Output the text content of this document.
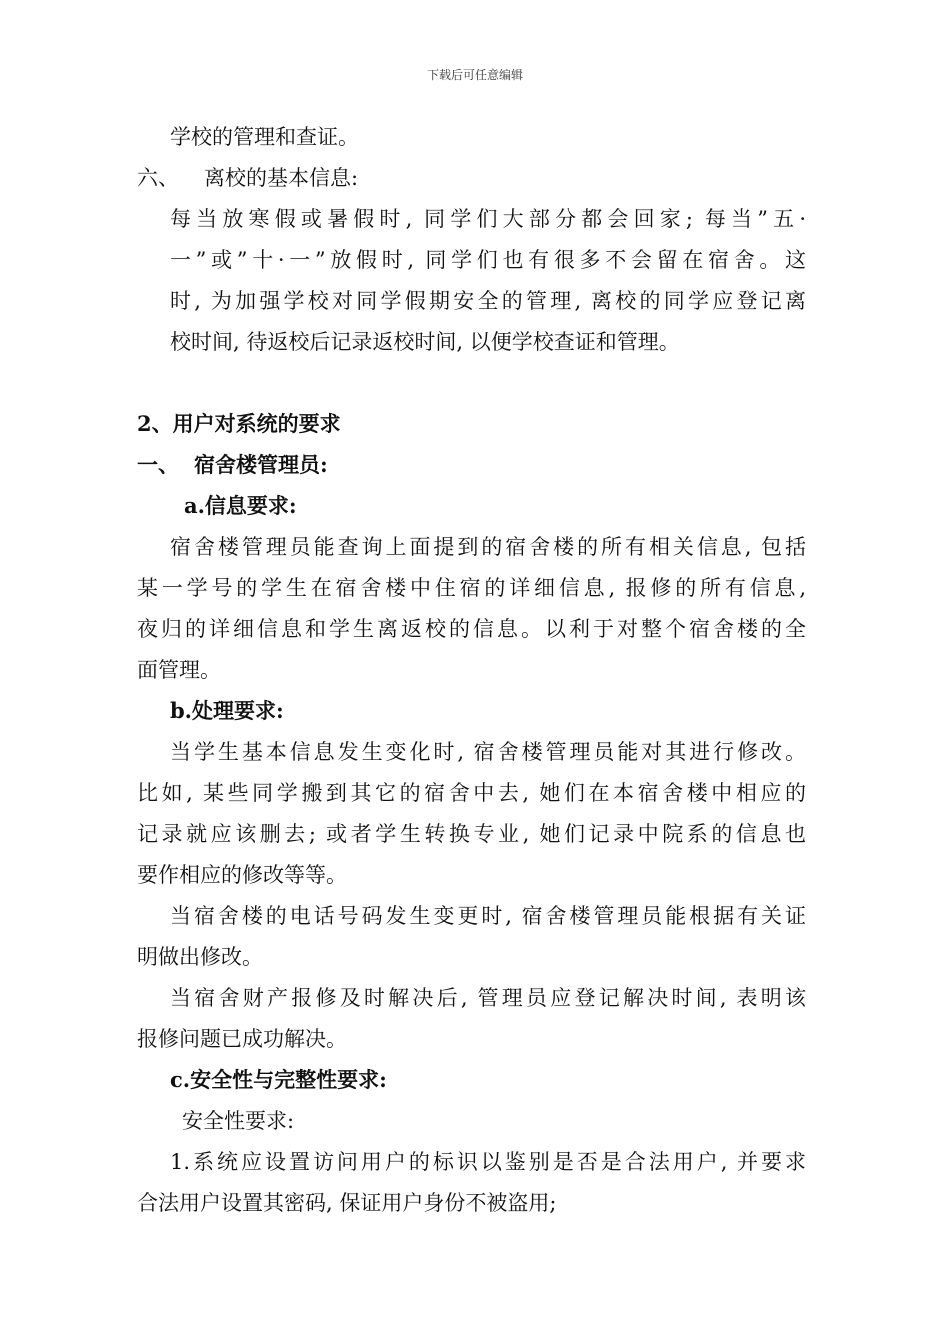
下载后可任意编辑

学校的管理和查证。

六、 离校的基本信息:

每当放寒假或暑假时, 同学们大部分都会回家; 每当”五·

一”或”十·一”放假时, 同学们也有很多不会留在宿舍。这

时, 为加强学校对同学假期安全的管理, 离校的同学应登记离

校时间, 待返校后记录返校时间, 以便学校查证和管理。

2、用户对系统的要求

一、 宿舍楼管理员:

a.信息要求:

宿舍楼管理员能查询上面提到的宿舍楼的所有相关信息, 包括

某一学号的学生在宿舍楼中住宿的详细信息, 报修的所有信息,

夜归的详细信息和学生离返校的信息。以利于对整个宿舍楼的全

面管理。

b.处理要求:

当学生基本信息发生变化时, 宿舍楼管理员能对其进行修改。

比如, 某些同学搬到其它的宿舍中去, 她们在本宿舍楼中相应的

记录就应该删去; 或者学生转换专业, 她们记录中院系的信息也

要作相应的修改等等。

当宿舍楼的电话号码发生变更时, 宿舍楼管理员能根据有关证

明做出修改。

当宿舍财产报修及时解决后, 管理员应登记解决时间, 表明该

报修问题已成功解决。

c.安全性与完整性要求:

安全性要求:

1.系统应设置访问用户的标识以鉴别是否是合法用户, 并要求

合法用户设置其密码, 保证用户身份不被盗用;
